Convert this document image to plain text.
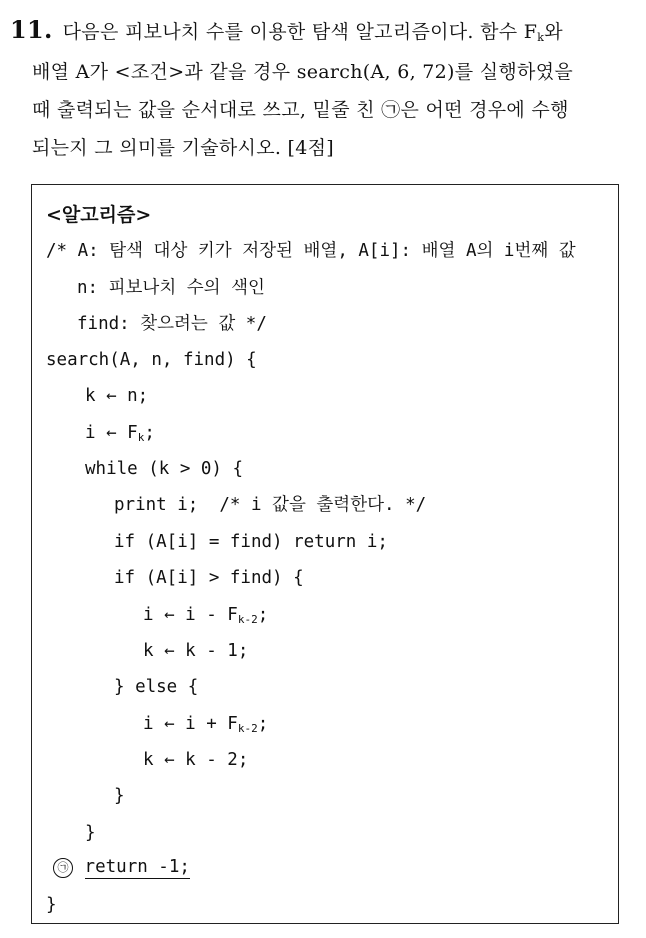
11. 다음은 피보나치 수를 이용한 탐색 알고리즘이다. 함수 $F_k$와
배열 A가 <조건>과 같을 경우 search(A, 6, 72)를 실행하였을
때 출력되는 값을 순서대로 쓰고, 밑줄 친 ㉠은 어떤 경우에 수행
되는지 그 의미를 기술하시오. [4점]
<알고리즘>
/* A: 탐색 대상 키가 저장된 배열, A[i]: 배열 A의 i번째 값
n: 피보나치 수의 색인
find: 찾으려는 값 */
search(A, n, find) {
k ← n;
i ← $F_k$;
while (k > 0) {
print i;  /* i 값을 출력한다. */
if (A[i] = find) return i;
if (A[i] > find) {
i ← i - $F_{k-2}$;
k ← k - 1;
} else {
i ← $i + F_{k-2}$;
k ← k - 2;
}
}
㉠ return -1;
}
